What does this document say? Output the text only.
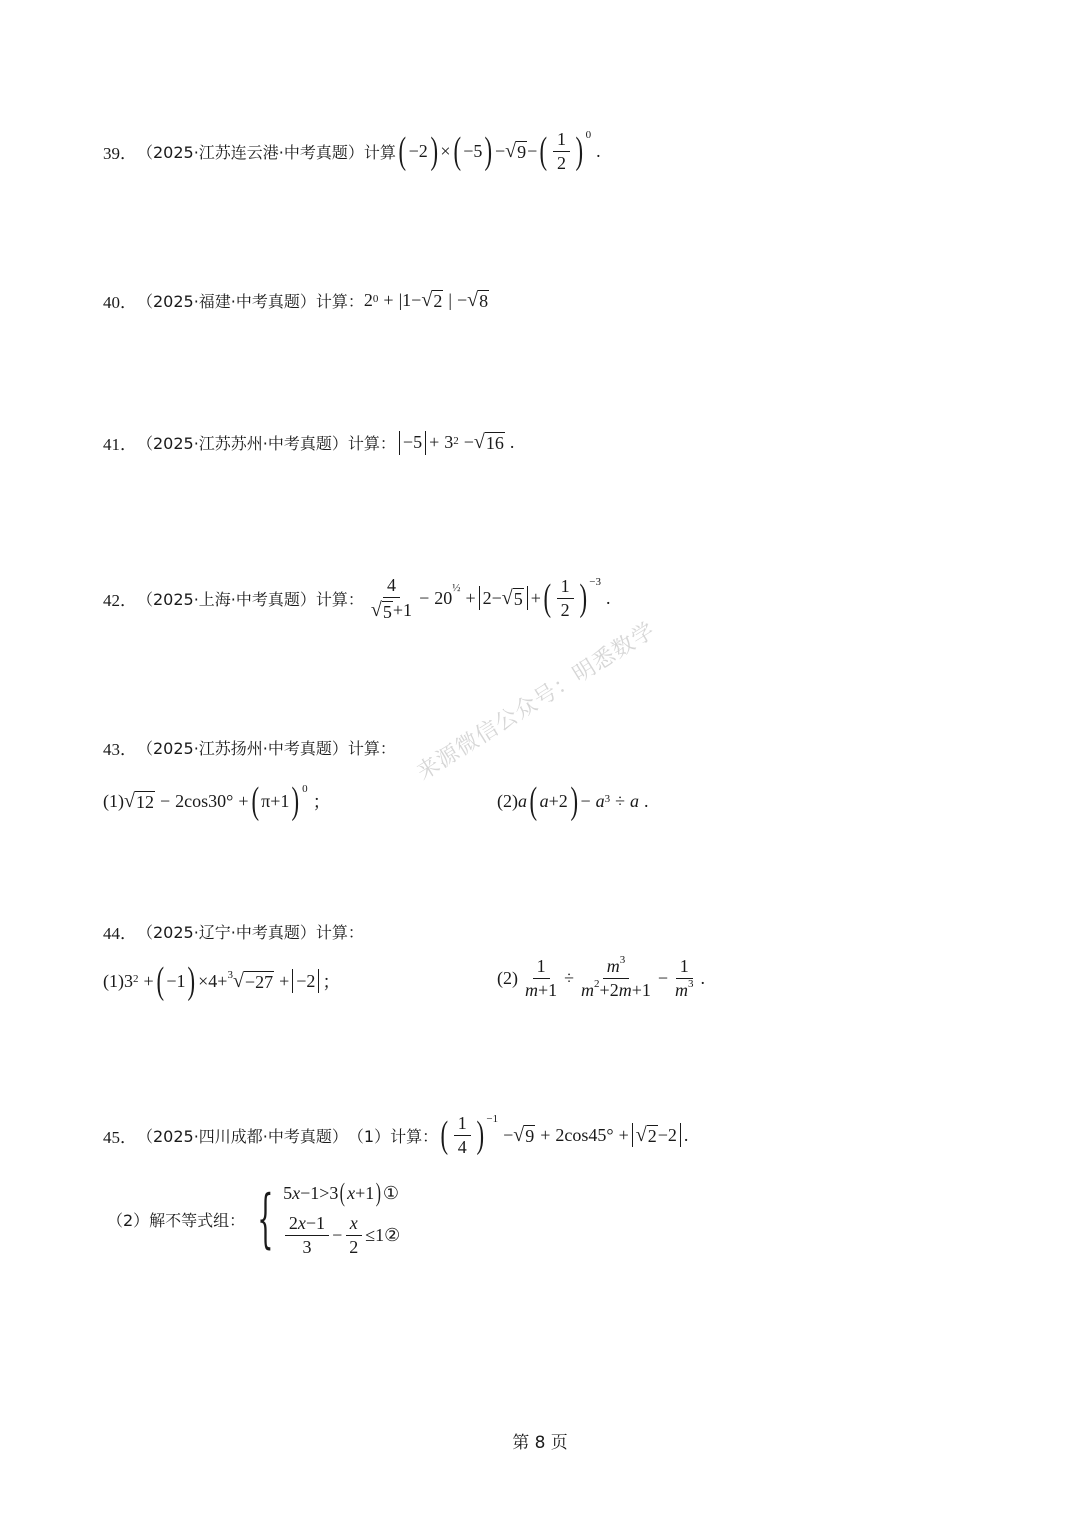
39． （2025·江苏连云港·中考真题） 计算 ( −2 ) × ( −5 ) − √ 9 − ( $\frac{1}{2} )^0$
.
40． （2025·福建·中考真题） 计算： $2^0 + |1-$ √ 2 | − √ 8
41． （2025·江苏苏州·中考真题） 计算： $-5 + 3^2$ − √ 16 .
42． （2025·上海·中考真题） 计算： $\frac{4}{√ 5 +1} - 20^{\frac{1}{2}} + 2-$ √ 5 + ( $\frac{1}{2} )^{-3}$
.
43． （2025·江苏扬州·中考真题） 计算：
(1) √ 12 − 2cos30° + ( π+1 )$^0$
；	(2) a ( a +2 ) − $a^3 \div a$ .
44． （2025·辽宁·中考真题） 计算：
(1) $3^2$ + ( −1 ) ×4+$^3$ √ −27 + −2 ；	$(2) \frac{1}{m+1} \div \frac{m^3}{m^2+2m+1} - \frac{1}{m^3}$ .
45． （2025·四川成都·中考真题） （1）计算： ( $\frac{1}{4} )^{-1}$
− √ 9 + 2cos45° + √ 2 −2 .
（2）解不等式组： { 5 x −1>3 ( x +1 ) ①
$\frac{2x-1}{3} - \frac{x}{2} \le 1$ ②
来源微信公众号：明悉数学
第 8 页
